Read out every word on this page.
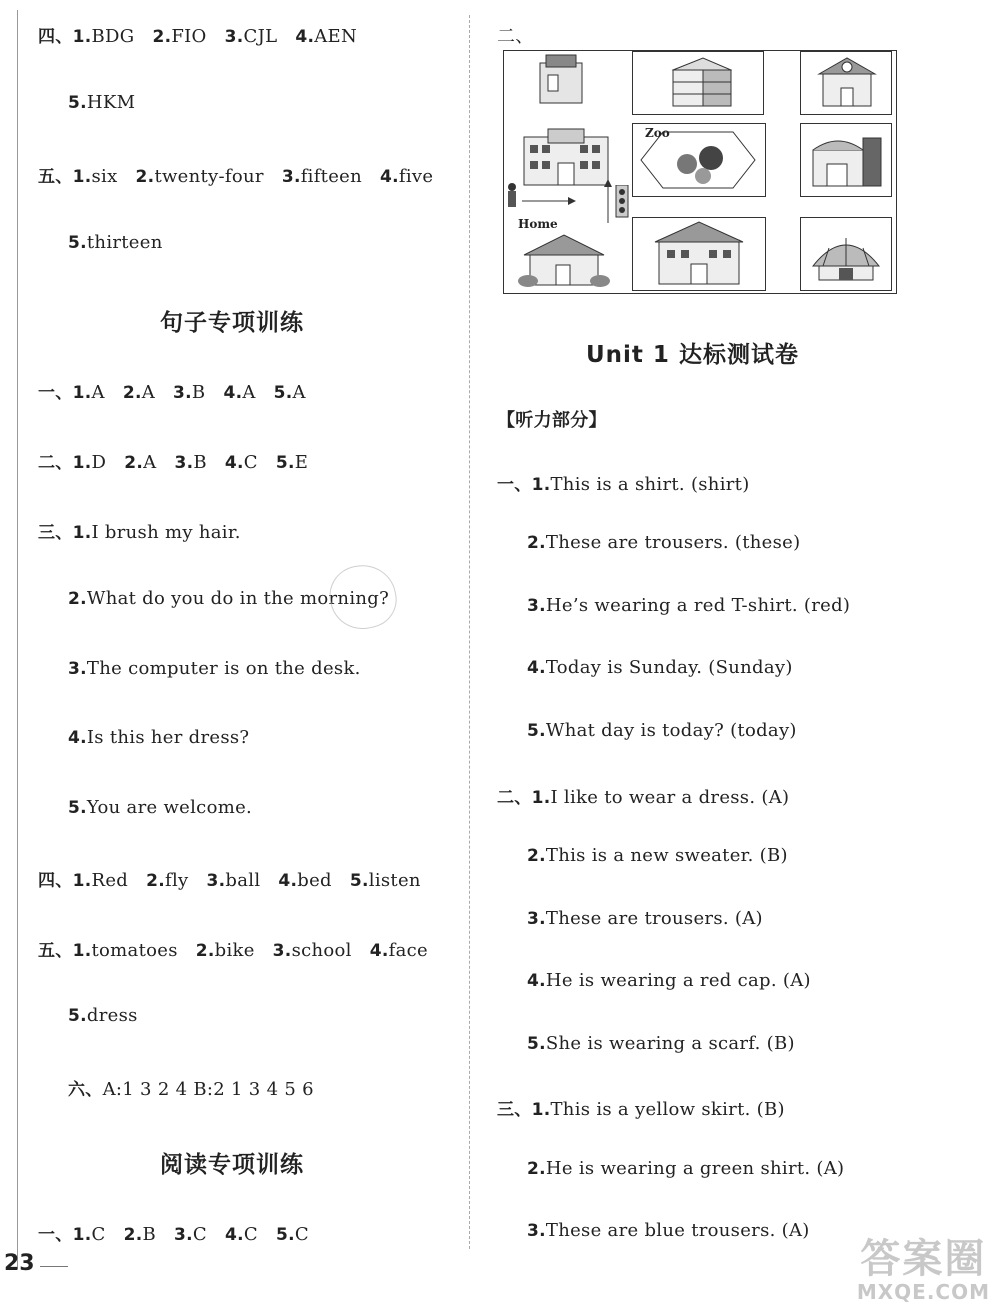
四、1.BDG 2.FIO 3.CJL 4.AEN
5.HKM
五、1.six 2.twenty-four 3.fifteen 4.five
5.thirteen
一、1.A 2.A 3.B 4.A 5.A
二、1.D 2.A 3.B 4.C 5.E
三、1.I brush my hair.
2.What do you do in the morning?
3.The computer is on the desk.
4.Is this her dress?
5.You are welcome.
四、1.Red 2.fly 3.ball 4.bed 5.listen
五、1.tomatoes 2.bike 3.school 4.face
5.dress
六、A:1 3 2 4 B:2 1 3 4 5 6
一、1.C 2.B 3.C 4.C 5.C
一、1.This is a shirt. (shirt)
2.These are trousers. (these)
3.He’s wearing a red T-shirt. (red)
4.Today is Sunday. (Sunday)
5.What day is today? (today)
二、1.I like to wear a dress. (A)
2.This is a new sweater. (B)
3.These are trousers. (A)
4.He is wearing a red cap. (A)
5.She is wearing a scarf. (B)
三、1.This is a yellow skirt. (B)
2.He is wearing a green shirt. (A)
3.These are blue trousers. (A)
句子专项训练
阅读专项训练
二、
Zoo
Home
Unit 1 达标测试卷
【听力部分】
23	答案圈
MXQE.COM
